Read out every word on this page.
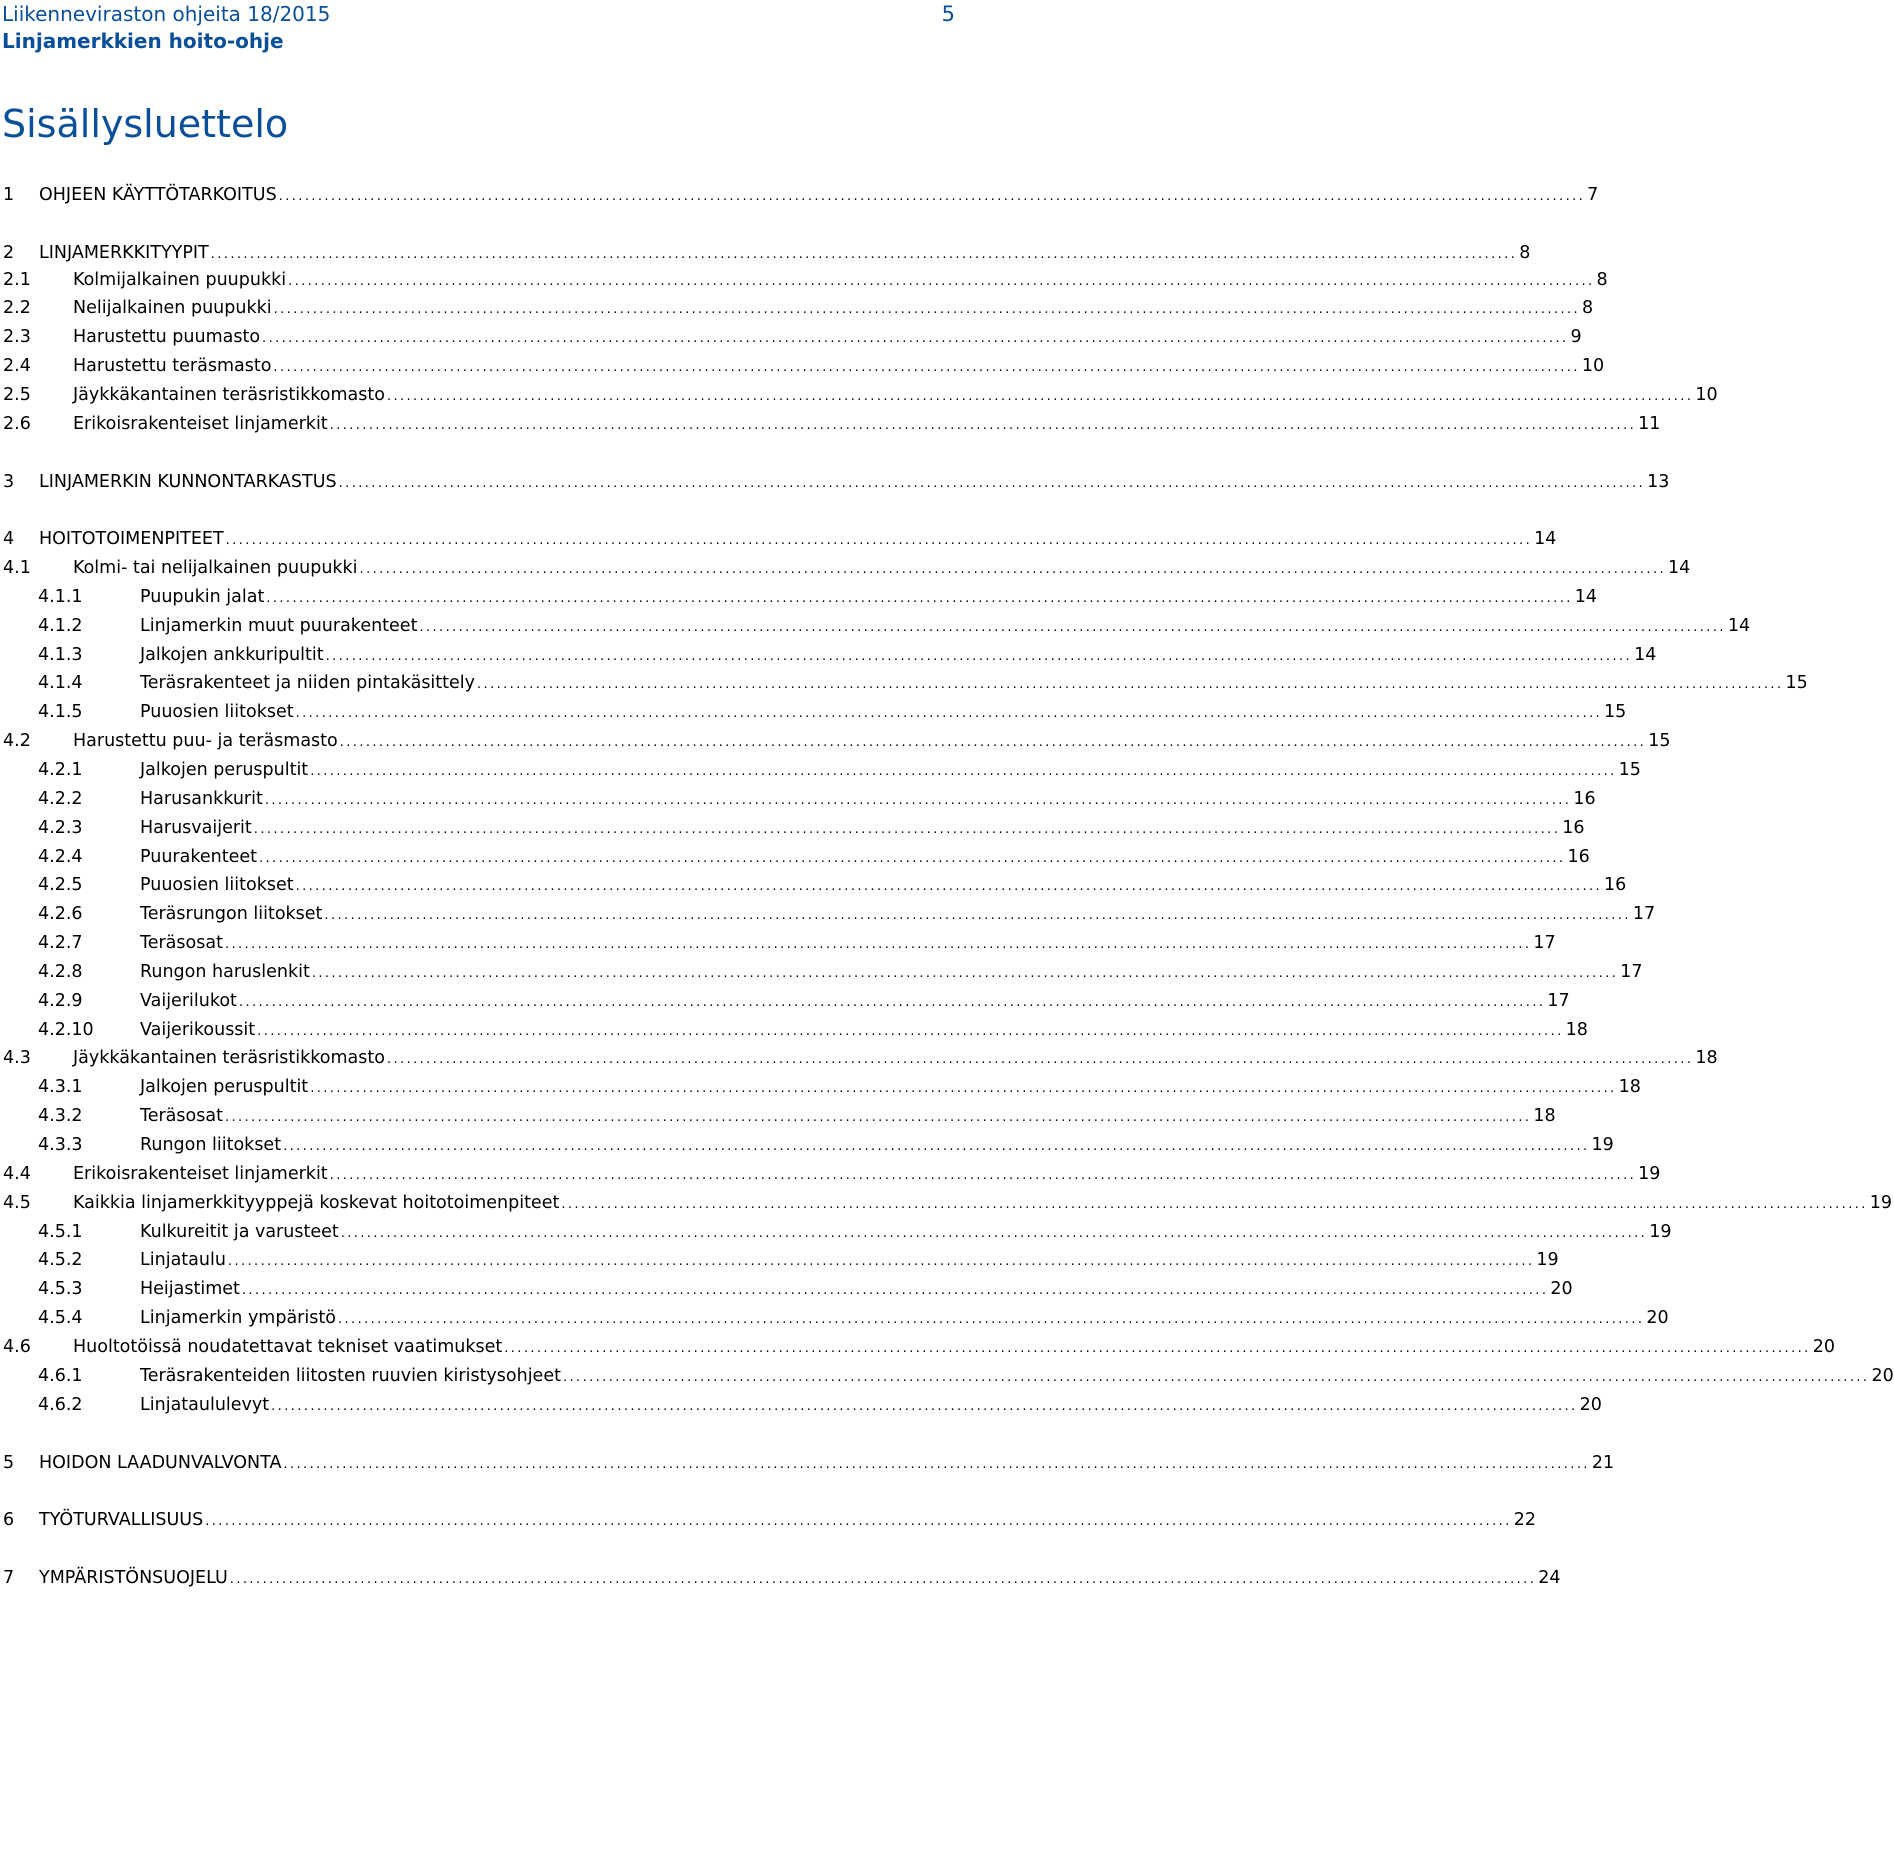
Liikenneviraston ohjeita 18/2015
Linjamerkkien hoito-ohje
5
Sisällysluettelo
1 OHJEEN KÄYTTÖTARKOITUS ........................................................................................................................................................................................................ 7
2 LINJAMERKKITYYPIT ........................................................................................................................................................................................................ 8
2.1 Kolmijalkainen puupukki ........................................................................................................................................................................................................ 8
2.2 Nelijalkainen puupukki ........................................................................................................................................................................................................ 8
2.3 Harustettu puumasto ........................................................................................................................................................................................................ 9
2.4 Harustettu teräsmasto ........................................................................................................................................................................................................ 10
2.5 Jäykkäkantainen teräsristikkomasto ........................................................................................................................................................................................................ 10
2.6 Erikoisrakenteiset linjamerkit ........................................................................................................................................................................................................ 11
3 LINJAMERKIN KUNNONTARKASTUS ........................................................................................................................................................................................................ 13
4 HOITOTOIMENPITEET ........................................................................................................................................................................................................ 14
4.1 Kolmi- tai nelijalkainen puupukki ........................................................................................................................................................................................................ 14
4.1.1	Puupukin jalat ........................................................................................................................................................................................................ 14
4.1.2	Linjamerkin muut puurakenteet ........................................................................................................................................................................................................ 14
4.1.3	Jalkojen ankkuripultit ........................................................................................................................................................................................................ 14
4.1.4	Teräsrakenteet ja niiden pintakäsittely ........................................................................................................................................................................................................ 15
4.1.5	Puuosien liitokset ........................................................................................................................................................................................................ 15
4.2 Harustettu puu- ja teräsmasto ........................................................................................................................................................................................................ 15
4.2.1	Jalkojen peruspultit ........................................................................................................................................................................................................ 15
4.2.2	Harusankkurit ........................................................................................................................................................................................................ 16
4.2.3	Harusvaijerit ........................................................................................................................................................................................................ 16
4.2.4	Puurakenteet ........................................................................................................................................................................................................ 16
4.2.5	Puuosien liitokset ........................................................................................................................................................................................................ 16
4.2.6	Teräsrungon liitokset ........................................................................................................................................................................................................ 17
4.2.7	Teräsosat ........................................................................................................................................................................................................ 17
4.2.8	Rungon haruslenkit ........................................................................................................................................................................................................ 17
4.2.9	Vaijerilukot ........................................................................................................................................................................................................ 17
4.2.10	Vaijerikoussit ........................................................................................................................................................................................................ 18
4.3 Jäykkäkantainen teräsristikkomasto ........................................................................................................................................................................................................ 18
4.3.1	Jalkojen peruspultit ........................................................................................................................................................................................................ 18
4.3.2	Teräsosat ........................................................................................................................................................................................................ 18
4.3.3	Rungon liitokset ........................................................................................................................................................................................................ 19
4.4 Erikoisrakenteiset linjamerkit ........................................................................................................................................................................................................ 19
4.5 Kaikkia linjamerkkityyppejä koskevat hoitotoimenpiteet ........................................................................................................................................................................................................ 19
4.5.1	Kulkureitit ja varusteet ........................................................................................................................................................................................................ 19
4.5.2	Linjataulu ........................................................................................................................................................................................................ 19
4.5.3	Heijastimet ........................................................................................................................................................................................................ 20
4.5.4	Linjamerkin ympäristö ........................................................................................................................................................................................................ 20
4.6 Huoltotöissä noudatettavat tekniset vaatimukset ........................................................................................................................................................................................................ 20
4.6.1	Teräsrakenteiden liitosten ruuvien kiristysohjeet ........................................................................................................................................................................................................ 20
4.6.2	Linjataululevyt ........................................................................................................................................................................................................ 20
5 HOIDON LAADUNVALVONTA ........................................................................................................................................................................................................ 21
6 TYÖTURVALLISUUS ........................................................................................................................................................................................................ 22
7 YMPÄRISTÖNSUOJELU ........................................................................................................................................................................................................ 24
